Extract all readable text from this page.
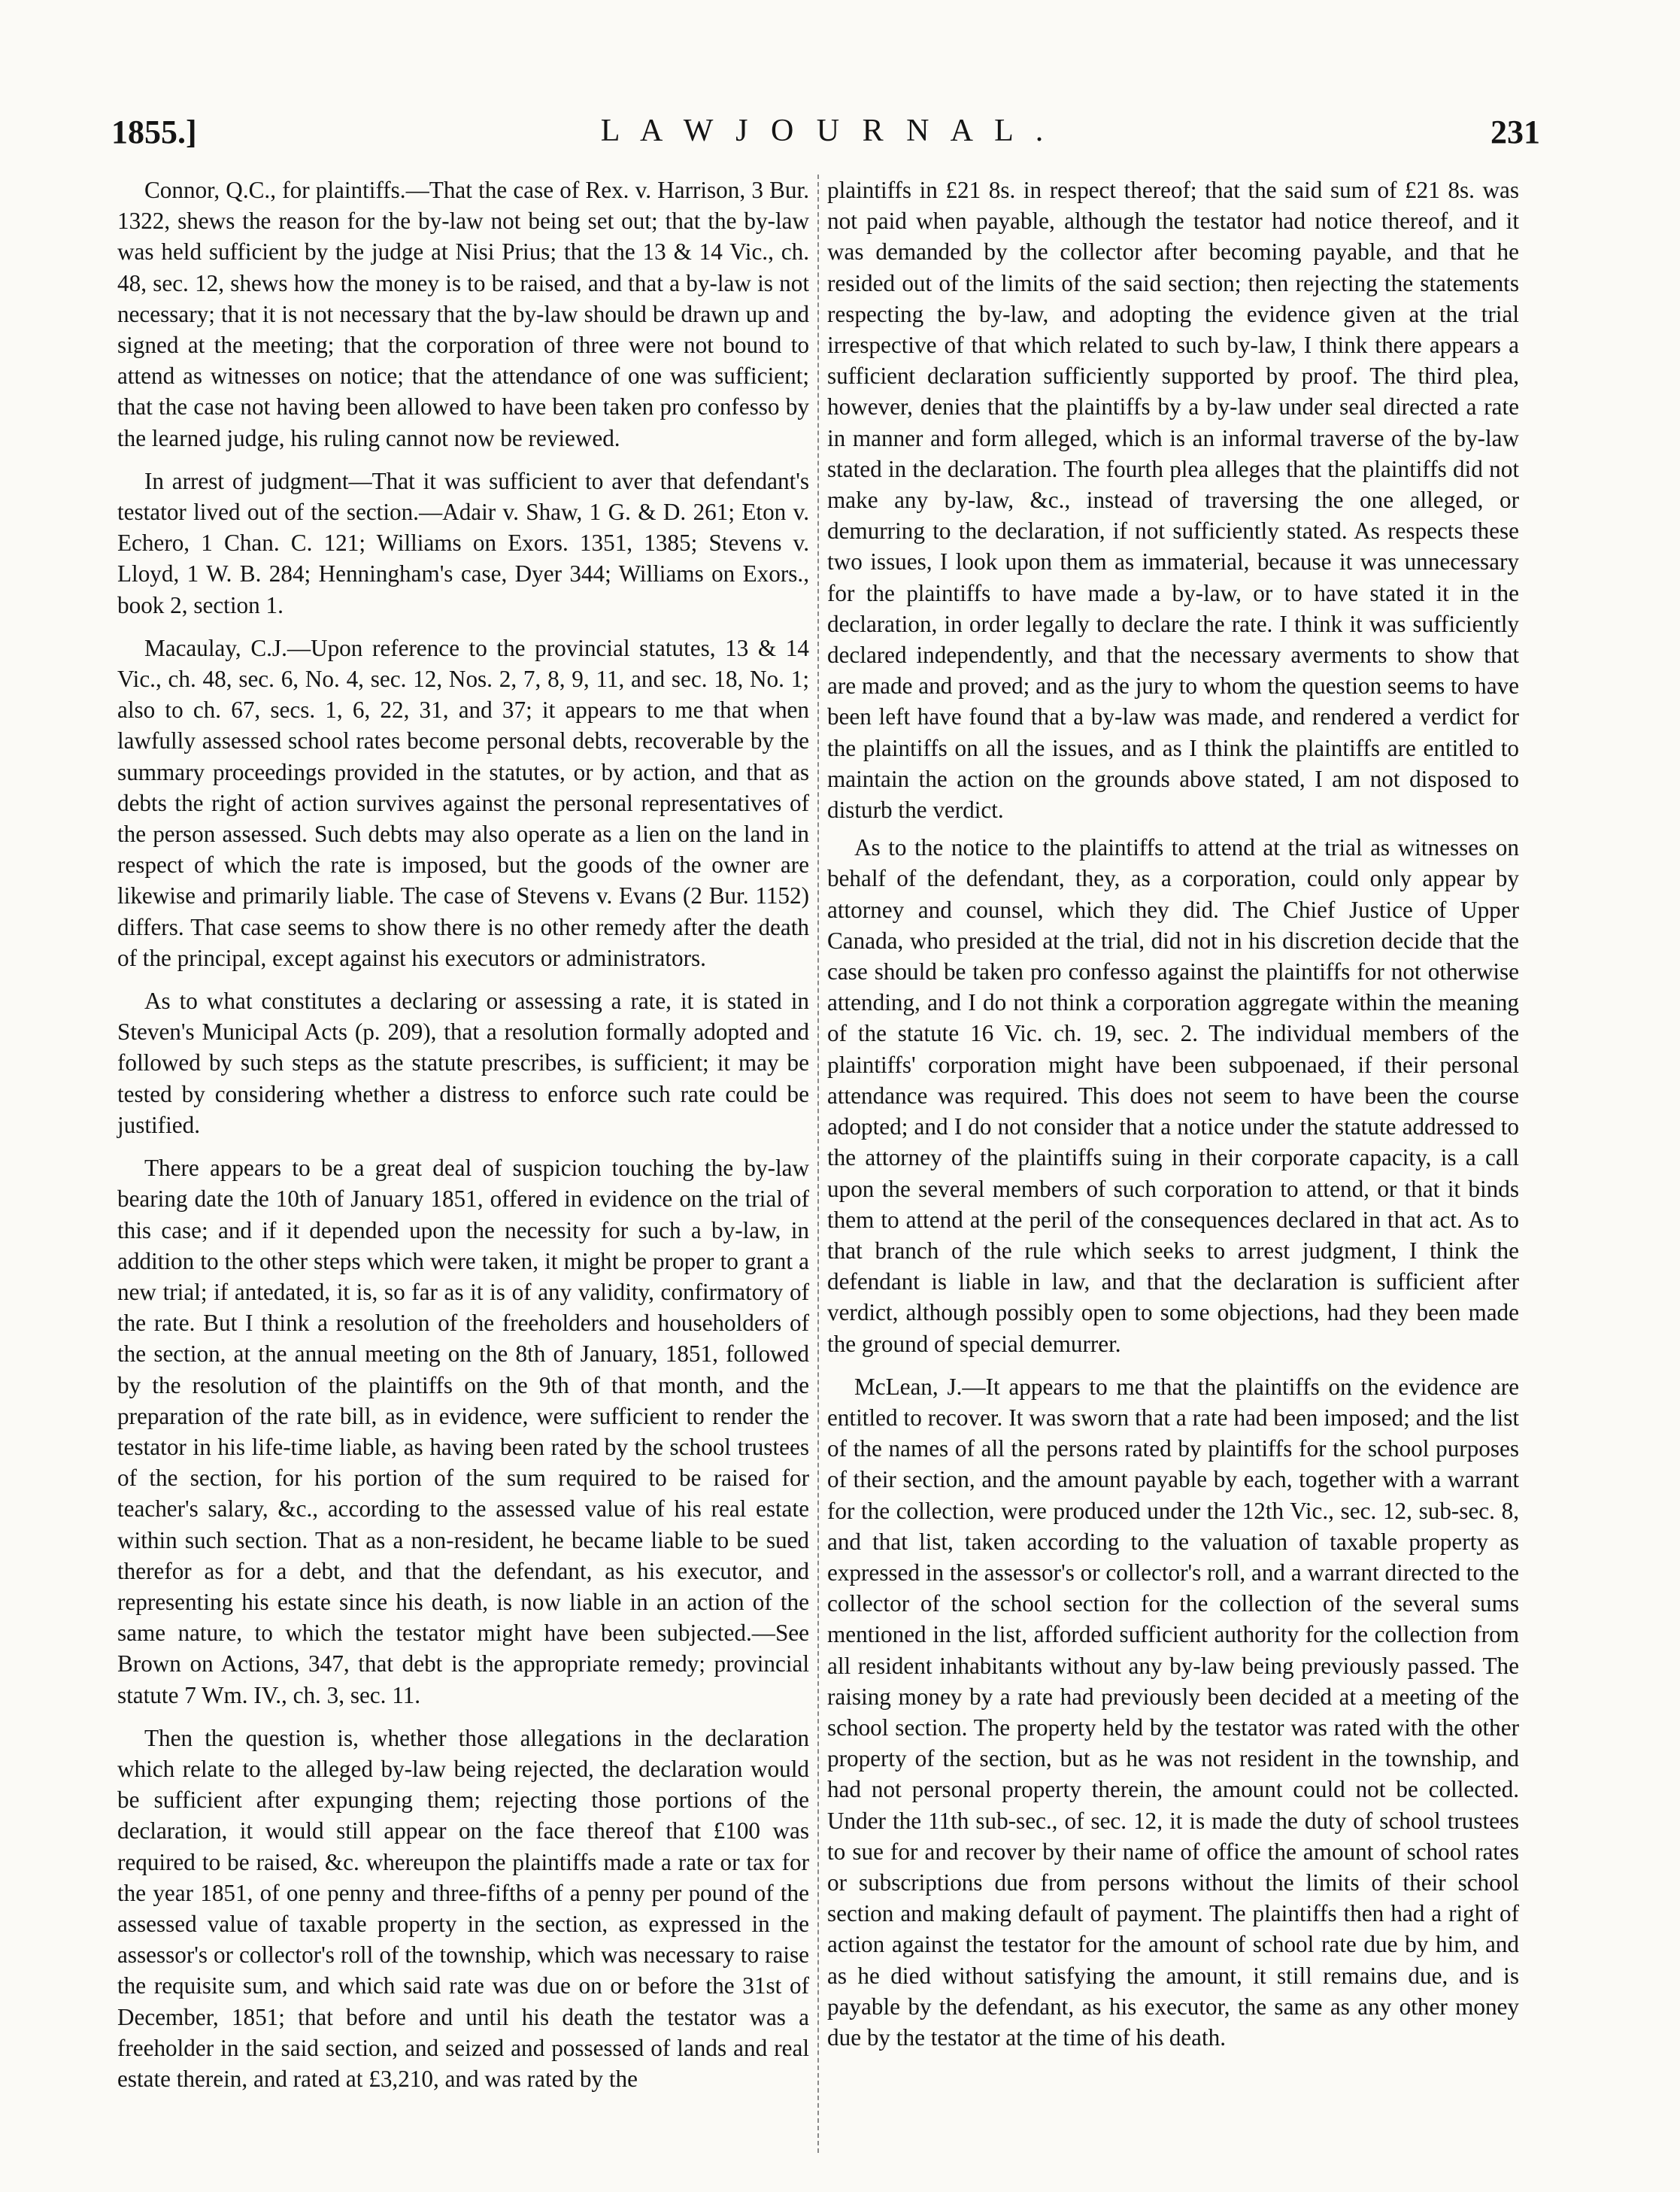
1855.]	L A W J O U R N A L .	231

Connor, Q.C., for plaintiffs.—That the case of Rex. v. Harrison, 3 Bur. 1322, shews the reason for the by-law not being set out; that the by-law was held sufficient by the judge at Nisi Prius; that the 13 & 14 Vic., ch. 48, sec. 12, shews how the money is to be raised, and that a by-law is not necessary; that it is not necessary that the by-law should be drawn up and signed at the meeting; that the corporation of three were not bound to attend as witnesses on notice; that the attendance of one was sufficient; that the case not having been allowed to have been taken pro confesso by the learned judge, his ruling cannot now be reviewed.

In arrest of judgment—That it was sufficient to aver that defendant's testator lived out of the section.—Adair v. Shaw, 1 G. & D. 261; Eton v. Echero, 1 Chan. C. 121; Williams on Exors. 1351, 1385; Stevens v. Lloyd, 1 W. B. 284; Henningham's case, Dyer 344; Williams on Exors., book 2, section 1.

Macaulay, C.J.—Upon reference to the provincial statutes, 13 & 14 Vic., ch. 48, sec. 6, No. 4, sec. 12, Nos. 2, 7, 8, 9, 11, and sec. 18, No. 1; also to ch. 67, secs. 1, 6, 22, 31, and 37; it appears to me that when lawfully assessed school rates become personal debts, recoverable by the summary proceedings provided in the statutes, or by action, and that as debts the right of action survives against the personal representatives of the person assessed. Such debts may also operate as a lien on the land in respect of which the rate is imposed, but the goods of the owner are likewise and primarily liable. The case of Stevens v. Evans (2 Bur. 1152) differs. That case seems to show there is no other remedy after the death of the principal, except against his executors or administrators.

As to what constitutes a declaring or assessing a rate, it is stated in Steven's Municipal Acts (p. 209), that a resolution formally adopted and followed by such steps as the statute prescribes, is sufficient; it may be tested by considering whether a distress to enforce such rate could be justified.

There appears to be a great deal of suspicion touching the by-law bearing date the 10th of January 1851, offered in evidence on the trial of this case; and if it depended upon the necessity for such a by-law, in addition to the other steps which were taken, it might be proper to grant a new trial; if antedated, it is, so far as it is of any validity, confirmatory of the rate. But I think a resolution of the freeholders and householders of the section, at the annual meeting on the 8th of January, 1851, followed by the resolution of the plaintiffs on the 9th of that month, and the preparation of the rate bill, as in evidence, were sufficient to render the testator in his life-time liable, as having been rated by the school trustees of the section, for his portion of the sum required to be raised for teacher's salary, &c., according to the assessed value of his real estate within such section. That as a non-resident, he became liable to be sued therefor as for a debt, and that the defendant, as his executor, and representing his estate since his death, is now liable in an action of the same nature, to which the testator might have been subjected.—See Brown on Actions, 347, that debt is the appropriate remedy; provincial statute 7 Wm. IV., ch. 3, sec. 11.

Then the question is, whether those allegations in the declaration which relate to the alleged by-law being rejected, the declaration would be sufficient after expunging them; rejecting those portions of the declaration, it would still appear on the face thereof that £100 was required to be raised, &c. whereupon the plaintiffs made a rate or tax for the year 1851, of one penny and three-fifths of a penny per pound of the assessed value of taxable property in the section, as expressed in the assessor's or collector's roll of the township, which was necessary to raise the requisite sum, and which said rate was due on or before the 31st of December, 1851; that before and until his death the testator was a freeholder in the said section, and seized and possessed of lands and real estate therein, and rated at £3,210, and was rated by the

plaintiffs in £21 8s. in respect thereof; that the said sum of £21 8s. was not paid when payable, although the testator had notice thereof, and it was demanded by the collector after becoming payable, and that he resided out of the limits of the said section; then rejecting the statements respecting the by-law, and adopting the evidence given at the trial irrespective of that which related to such by-law, I think there appears a sufficient declaration sufficiently supported by proof. The third plea, however, denies that the plaintiffs by a by-law under seal directed a rate in manner and form alleged, which is an informal traverse of the by-law stated in the declaration. The fourth plea alleges that the plaintiffs did not make any by-law, &c., instead of traversing the one alleged, or demurring to the declaration, if not sufficiently stated. As respects these two issues, I look upon them as immaterial, because it was unnecessary for the plaintiffs to have made a by-law, or to have stated it in the declaration, in order legally to declare the rate. I think it was sufficiently declared independently, and that the necessary averments to show that are made and proved; and as the jury to whom the question seems to have been left have found that a by-law was made, and rendered a verdict for the plaintiffs on all the issues, and as I think the plaintiffs are entitled to maintain the action on the grounds above stated, I am not disposed to disturb the verdict.

As to the notice to the plaintiffs to attend at the trial as witnesses on behalf of the defendant, they, as a corporation, could only appear by attorney and counsel, which they did. The Chief Justice of Upper Canada, who presided at the trial, did not in his discretion decide that the case should be taken pro confesso against the plaintiffs for not otherwise attending, and I do not think a corporation aggregate within the meaning of the statute 16 Vic. ch. 19, sec. 2. The individual members of the plaintiffs' corporation might have been subpoenaed, if their personal attendance was required. This does not seem to have been the course adopted; and I do not consider that a notice under the statute addressed to the attorney of the plaintiffs suing in their corporate capacity, is a call upon the several members of such corporation to attend, or that it binds them to attend at the peril of the consequences declared in that act. As to that branch of the rule which seeks to arrest judgment, I think the defendant is liable in law, and that the declaration is sufficient after verdict, although possibly open to some objections, had they been made the ground of special demurrer.

McLean, J.—It appears to me that the plaintiffs on the evidence are entitled to recover. It was sworn that a rate had been imposed; and the list of the names of all the persons rated by plaintiffs for the school purposes of their section, and the amount payable by each, together with a warrant for the collection, were produced under the 12th Vic., sec. 12, sub-sec. 8, and that list, taken according to the valuation of taxable property as expressed in the assessor's or collector's roll, and a warrant directed to the collector of the school section for the collection of the several sums mentioned in the list, afforded sufficient authority for the collection from all resident inhabitants without any by-law being previously passed. The raising money by a rate had previously been decided at a meeting of the school section. The property held by the testator was rated with the other property of the section, but as he was not resident in the township, and had not personal property therein, the amount could not be collected. Under the 11th sub-sec., of sec. 12, it is made the duty of school trustees to sue for and recover by their name of office the amount of school rates or subscriptions due from persons without the limits of their school section and making default of payment. The plaintiffs then had a right of action against the testator for the amount of school rate due by him, and as he died without satisfying the amount, it still remains due, and is payable by the defendant, as his executor, the same as any other money due by the testator at the time of his death.
